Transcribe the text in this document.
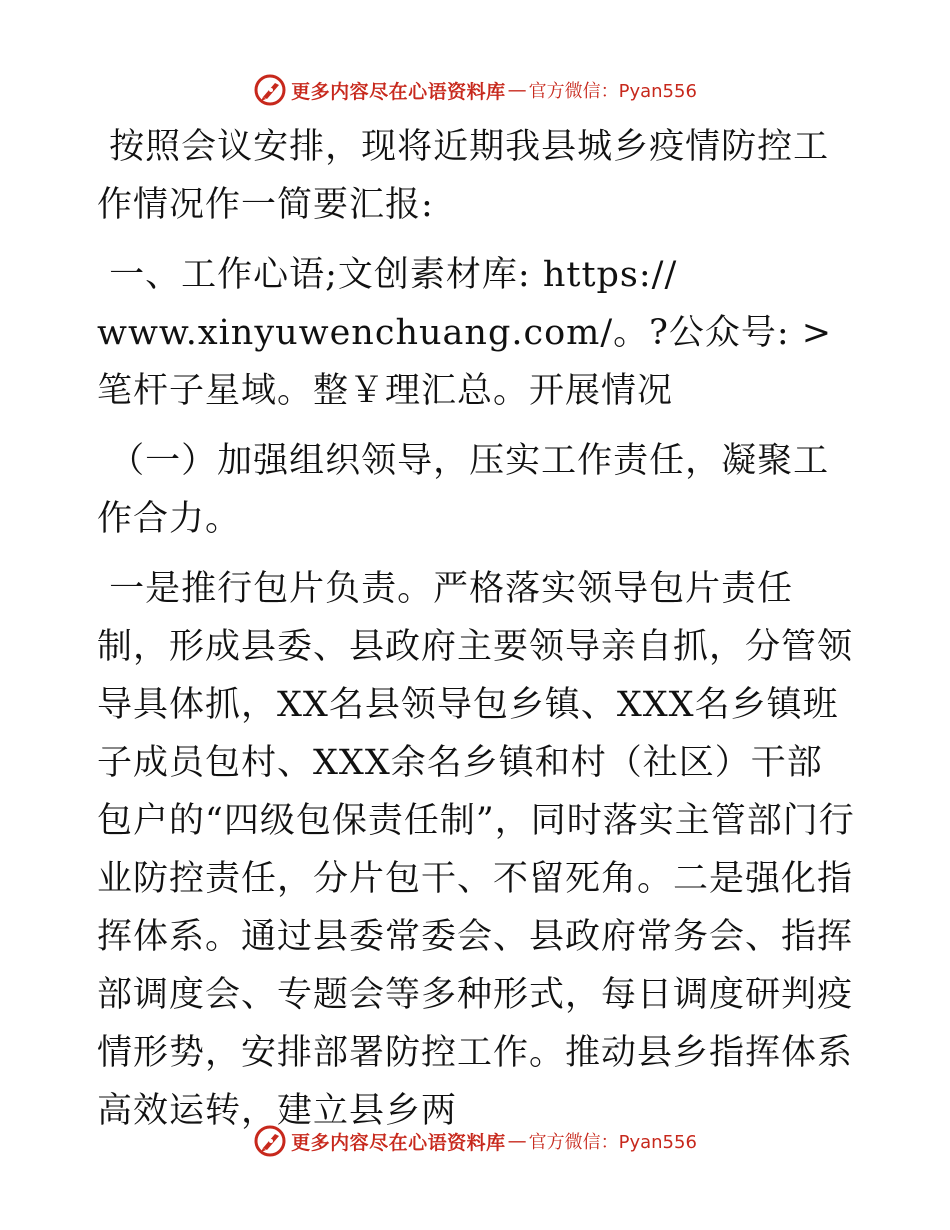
更多内容尽在心语资料库 — 官方微信：Pyan556

按照会议安排，现将近期我县城乡疫情防控工作情况作一简要汇报:

一、工作心语;文创素材库: https://
www.xinyuwenchuang.com/。?公众号: >笔杆子星域。整￥理汇总。开展情况

（一）加强组织领导，压实工作责任，凝聚工作合力。

一是推行包片负责。严格落实领导包片责任制，形成县委、县政府主要领导亲自抓，分管领导具体抓，XX名县领导包乡镇、XXX名乡镇班子成员包村、XXX余名乡镇和村（社区）干部包户的“四级包保责任制”，同时落实主管部门行业防控责任，分片包干、不留死角。二是强化指挥体系。通过县委常委会、县政府常务会、指挥部调度会、专题会等多种形式，每日调度研判疫情形势，安排部署防控工作。推动县乡指挥体系高效运转，建立县乡两

更多内容尽在心语资料库 — 官方微信：Pyan556
